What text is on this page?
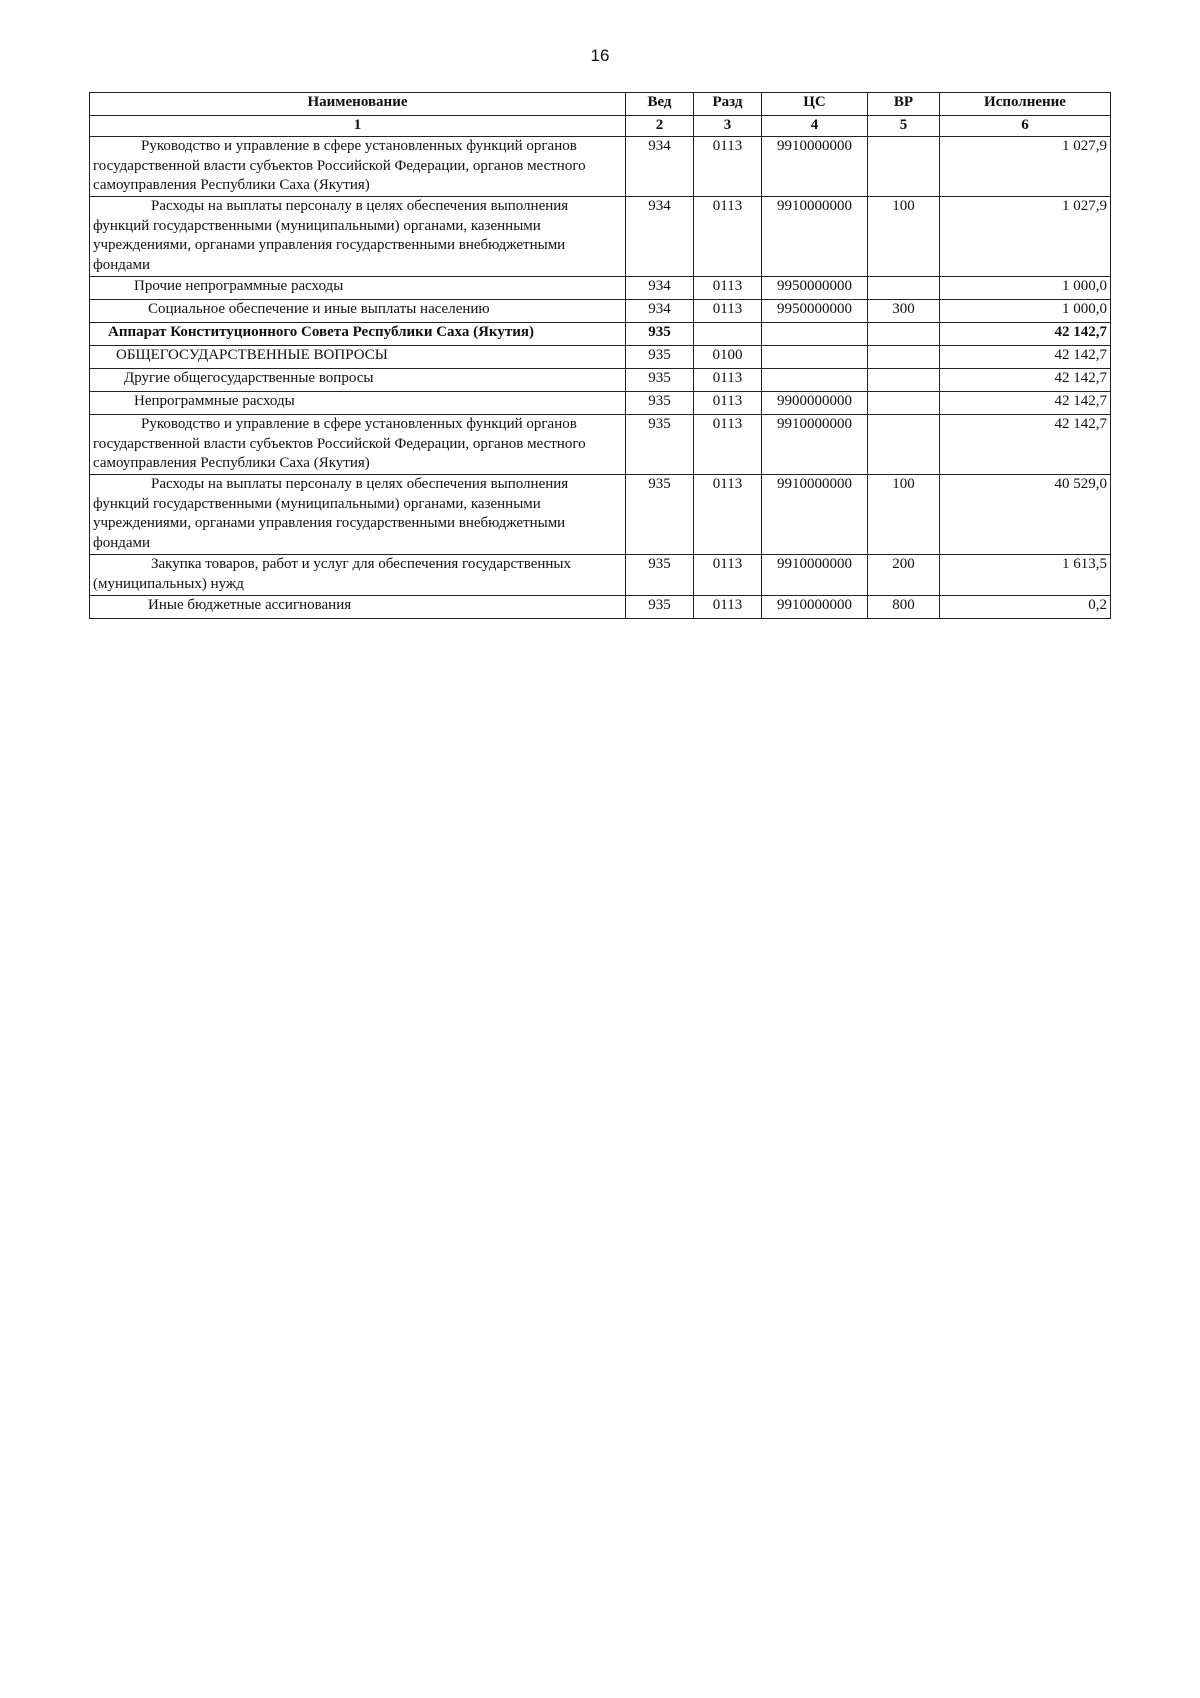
16
Наименование	Вед	Разд	ЦС	ВР	Исполнение
1	2	3	4	5	6
Руководство и управление в сфере установленных функций органов государственной власти субъектов Российской Федерации, органов местного самоуправления Республики Саха (Якутия)	934	0113	9910000000		1 027,9
Расходы на выплаты персоналу в целях обеспечения выполнения функций государственными (муниципальными) органами, казенными учреждениями, органами управления государственными внебюджетными фондами	934	0113	9910000000	100	1 027,9
Прочие непрограммные расходы	934	0113	9950000000		1 000,0
Социальное обеспечение и иные выплаты населению	934	0113	9950000000	300	1 000,0
Аппарат Конституционного Совета Республики Саха (Якутия)	935				42 142,7
ОБЩЕГОСУДАРСТВЕННЫЕ ВОПРОСЫ	935	0100			42 142,7
Другие общегосударственные вопросы	935	0113			42 142,7
Непрограммные расходы	935	0113	9900000000		42 142,7
Руководство и управление в сфере установленных функций органов государственной власти субъектов Российской Федерации, органов местного самоуправления Республики Саха (Якутия)	935	0113	9910000000		42 142,7
Расходы на выплаты персоналу в целях обеспечения выполнения функций государственными (муниципальными) органами, казенными учреждениями, органами управления государственными внебюджетными фондами	935	0113	9910000000	100	40 529,0
Закупка товаров, работ и услуг для обеспечения государственных (муниципальных) нужд	935	0113	9910000000	200	1 613,5
Иные бюджетные ассигнования	935	0113	9910000000	800	0,2
